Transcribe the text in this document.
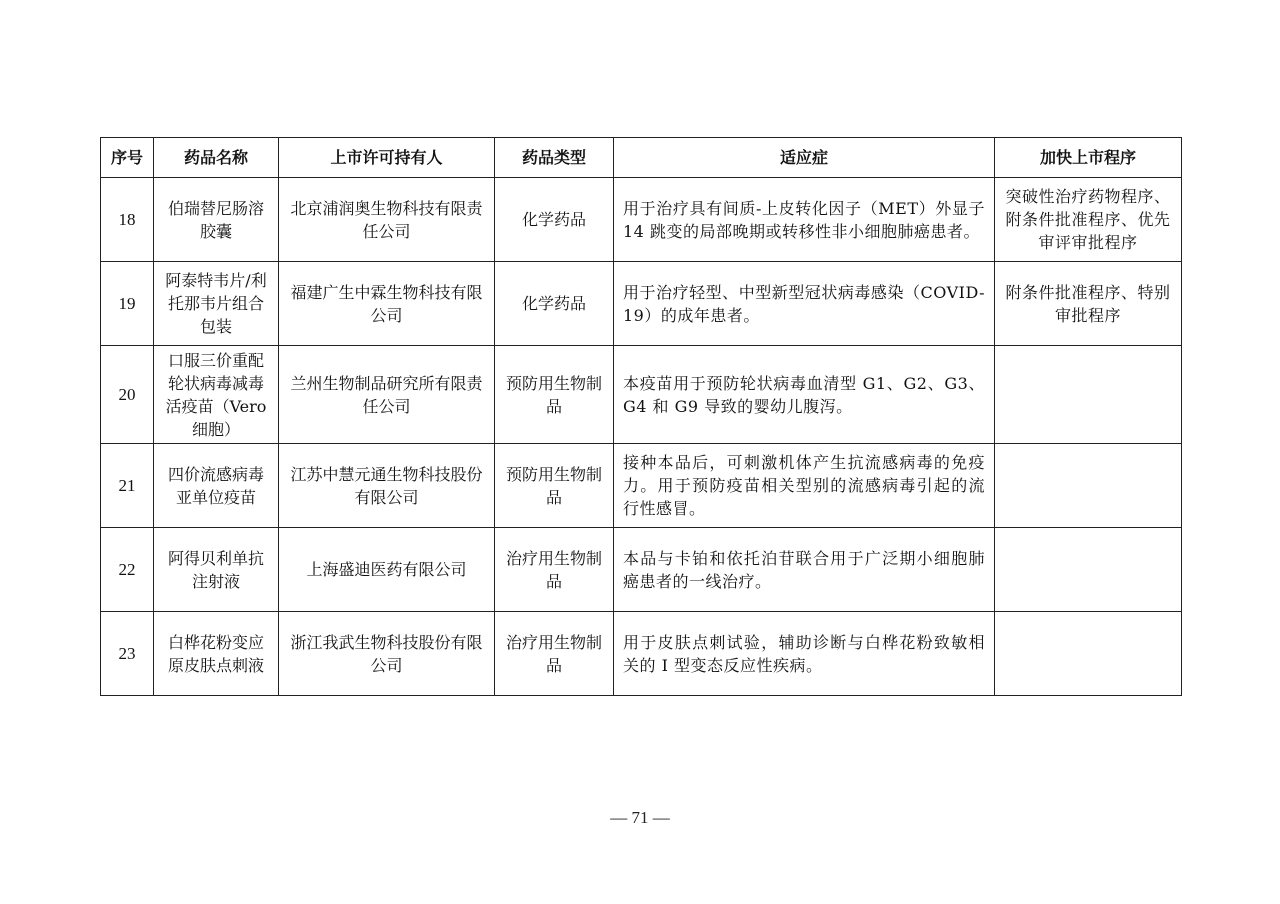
序号	药品名称	上市许可持有人	药品类型	适应症	加快上市程序
18	伯瑞替尼肠溶胶囊	北京浦润奥生物科技有限责任公司	化学药品	用于治疗具有间质-上皮转化因子（MET）外显子 14 跳变的局部晚期或转移性非小细胞肺癌患者。	突破性治疗药物程序、附条件批准程序、优先审评审批程序
19	阿泰特韦片/利托那韦片组合包装	福建广生中霖生物科技有限公司	化学药品	用于治疗轻型、中型新型冠状病毒感染（COVID-19）的成年患者。	附条件批准程序、特别审批程序
20	口服三价重配轮状病毒减毒活疫苗（Vero 细胞）	兰州生物制品研究所有限责任公司	预防用生物制品	本疫苗用于预防轮状病毒血清型 G1、G2、G3、G4 和 G9 导致的婴幼儿腹泻。	
21	四价流感病毒亚单位疫苗	江苏中慧元通生物科技股份有限公司	预防用生物制品	接种本品后，可刺激机体产生抗流感病毒的免疫力。用于预防疫苗相关型别的流感病毒引起的流行性感冒。	
22	阿得贝利单抗注射液	上海盛迪医药有限公司	治疗用生物制品	本品与卡铂和依托泊苷联合用于广泛期小细胞肺癌患者的一线治疗。	
23	白桦花粉变应原皮肤点刺液	浙江我武生物科技股份有限公司	治疗用生物制品	用于皮肤点刺试验，辅助诊断与白桦花粉致敏相关的 I 型变态反应性疾病。	
— 71 —
